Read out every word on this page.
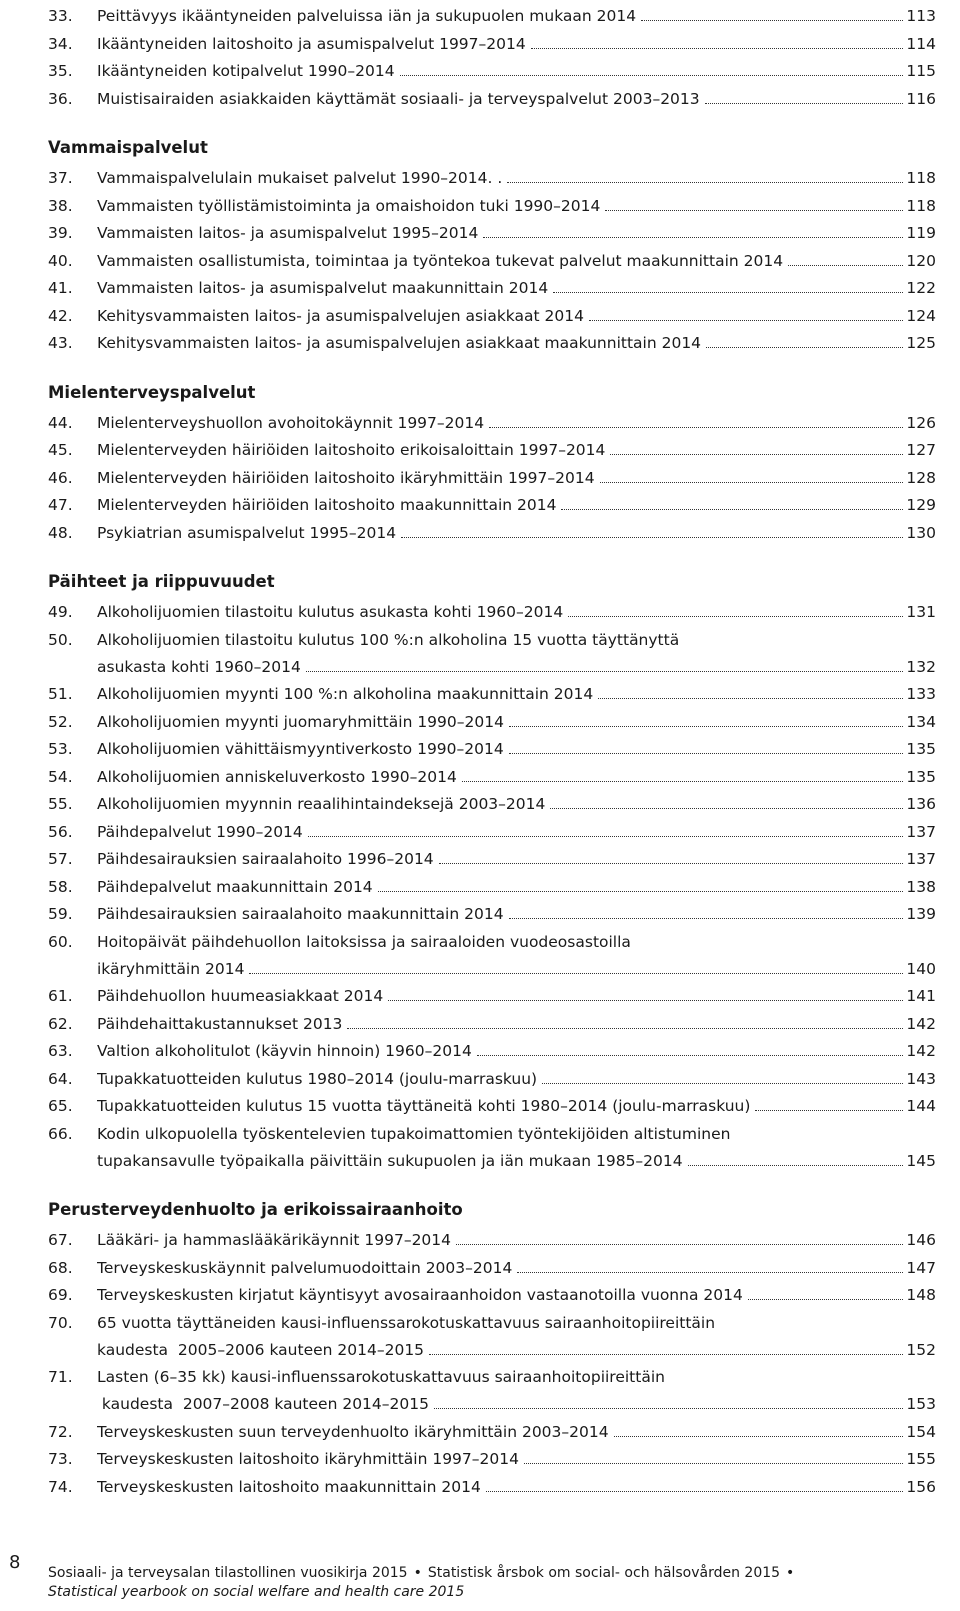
33. Peittävyys ikääntyneiden palveluissa iän ja sukupuolen mukaan 2014	113
34. Ikääntyneiden laitoshoito ja asumispalvelut 1997–2014	114
35. Ikääntyneiden kotipalvelut 1990–2014	115
36. Muistisairaiden asiakkaiden käyttämät sosiaali- ja terveyspalvelut 2003–2013	116
Vammaispalvelut
37. Vammaispalvelulain mukaiset palvelut 1990–2014. .	118
38. Vammaisten työllistämistoiminta ja omaishoidon tuki 1990–2014	118
39. Vammaisten laitos- ja asumispalvelut 1995–2014	119
40. Vammaisten osallistumista, toimintaa ja työntekoa tukevat palvelut maakunnittain 2014	120
41. Vammaisten laitos- ja asumispalvelut maakunnittain 2014	122
42. Kehitysvammaisten laitos- ja asumispalvelujen asiakkaat 2014	124
43. Kehitysvammaisten laitos- ja asumispalvelujen asiakkaat maakunnittain 2014	125
Mielenterveyspalvelut
44. Mielenterveyshuollon avohoitokäynnit 1997–2014	126
45. Mielenterveyden häiriöiden laitoshoito erikoisaloittain 1997–2014	127
46. Mielenterveyden häiriöiden laitoshoito ikäryhmittäin 1997–2014	128
47. Mielenterveyden häiriöiden laitoshoito maakunnittain 2014	129
48. Psykiatrian asumispalvelut 1995–2014	130
Päihteet ja riippuvuudet
49. Alkoholijuomien tilastoitu kulutus asukasta kohti 1960–2014	131
50. Alkoholijuomien tilastoitu kulutus 100 %:n alkoholina 15 vuotta täyttänyttä
asukasta kohti 1960–2014	132
51. Alkoholijuomien myynti 100 %:n alkoholina maakunnittain 2014	133
52. Alkoholijuomien myynti juomaryhmittäin 1990–2014	134
53. Alkoholijuomien vähittäismyyntiverkosto 1990–2014	135
54. Alkoholijuomien anniskeluverkosto 1990–2014	135
55. Alkoholijuomien myynnin reaalihintaindeksejä 2003–2014	136
56. Päihdepalvelut 1990–2014	137
57. Päihdesairauksien sairaalahoito 1996–2014	137
58. Päihdepalvelut maakunnittain 2014	138
59. Päihdesairauksien sairaalahoito maakunnittain 2014	139
60. Hoitopäivät päihdehuollon laitoksissa ja sairaaloiden vuodeosastoilla
ikäryhmittäin 2014	140
61. Päihdehuollon huumeasiakkaat 2014	141
62. Päihdehaittakustannukset 2013	142
63. Valtion alkoholitulot (käyvin hinnoin) 1960–2014	142
64. Tupakkatuotteiden kulutus 1980–2014 (joulu-marraskuu)	143
65. Tupakkatuotteiden kulutus 15 vuotta täyttäneitä kohti 1980–2014 (joulu-marraskuu)	144
66. Kodin ulkopuolella työskentelevien tupakoimattomien työntekijöiden altistuminen
tupakansavulle työpaikalla päivittäin sukupuolen ja iän mukaan 1985–2014	145
Perusterveydenhuolto ja erikoissairaanhoito
67. Lääkäri- ja hammaslääkärikäynnit 1997–2014	146
68. Terveyskeskuskäynnit palvelumuodoittain 2003–2014	147
69. Terveyskeskusten kirjatut käyntisyyt avosairaanhoidon vastaanotoilla vuonna 2014	148
70. 65 vuotta täyttäneiden kausi-influenssarokotuskattavuus sairaanhoitopiireittäin
kaudesta  2005–2006 kauteen 2014–2015	152
71. Lasten (6–35 kk) kausi-influenssarokotuskattavuus sairaanhoitopiireittäin
kaudesta  2007–2008 kauteen 2014–2015	153
72. Terveyskeskusten suun terveydenhuolto ikäryhmittäin 2003–2014	154
73. Terveyskeskusten laitoshoito ikäryhmittäin 1997–2014	155
74. Terveyskeskusten laitoshoito maakunnittain 2014	156
8 Sosiaali- ja terveysalan tilastollinen vuosikirja 2015 • Statistisk årsbok om social- och hälsovården 2015 •
Statistical yearbook on social welfare and health care 2015
